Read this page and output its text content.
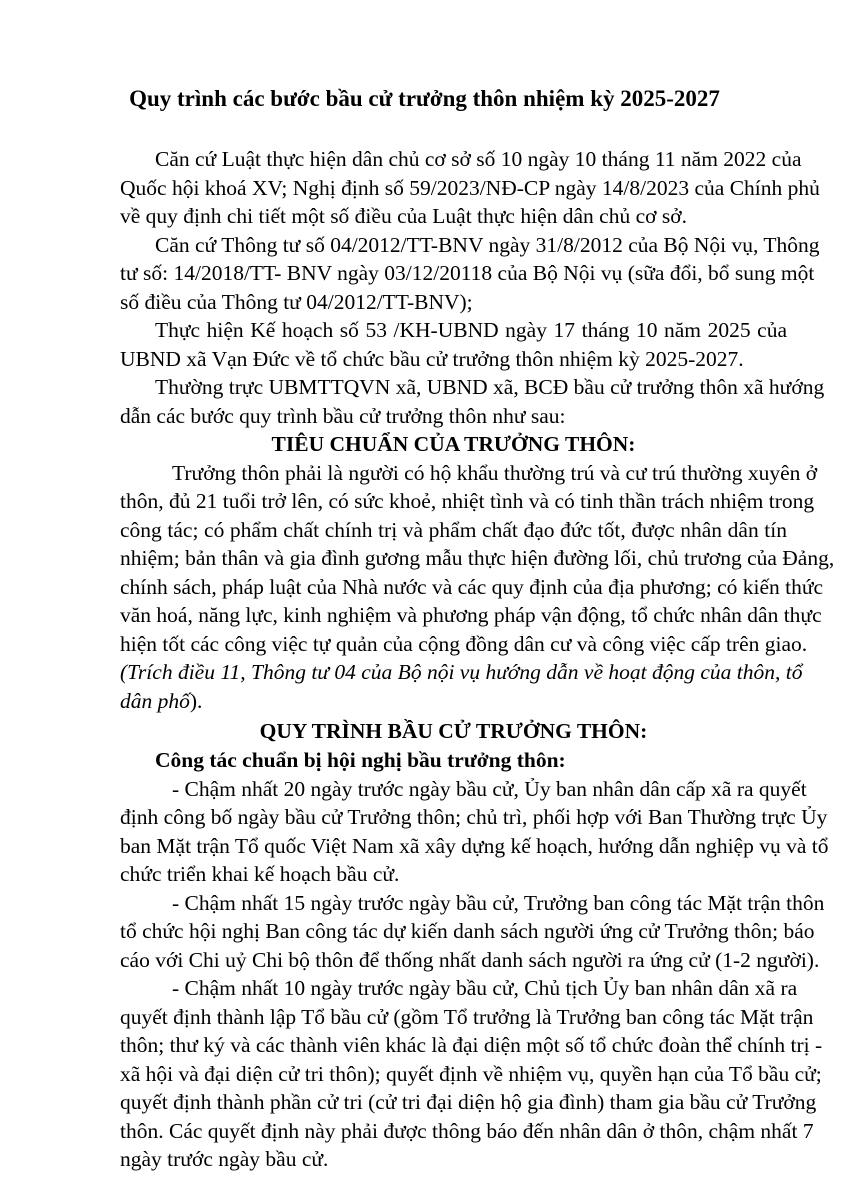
Quy trình các bước bầu cử trưởng thôn nhiệm kỳ 2025-2027
Căn cứ Luật thực hiện dân chủ cơ sở số 10 ngày 10 tháng 11 năm 2022 của
Quốc hội khoá XV; Nghị định số 59/2023/NĐ-CP ngày 14/8/2023 của Chính phủ
về quy định chi tiết một số điều của Luật thực hiện dân chủ cơ sở.
Căn cứ Thông tư số 04/2012/TT-BNV ngày 31/8/2012 của Bộ Nội vụ, Thông
tư số: 14/2018/TT- BNV ngày 03/12/20118 của Bộ Nội vụ (sữa đổi, bổ sung một
số điều của Thông tư 04/2012/TT-BNV);
Thực hiện Kế hoạch số 53 /KH-UBND ngày 17 tháng 10 năm 2025 của
UBND xã Vạn Đức về tổ chức bầu cử trưởng thôn nhiệm kỳ 2025-2027.
Thường trực UBMTTQVN xã, UBND xã, BCĐ bầu cử trưởng thôn xã hướng
dẫn các bước quy trình bầu cử trưởng thôn như sau:
TIÊU CHUẨN CỦA TRƯỞNG THÔN:
Trưởng thôn phải là người có hộ khẩu thường trú và cư trú thường xuyên ở
thôn, đủ 21 tuổi trở lên, có sức khoẻ, nhiệt tình và có tinh thần trách nhiệm trong
công tác; có phẩm chất chính trị và phẩm chất đạo đức tốt, được nhân dân tín
nhiệm; bản thân và gia đình gương mẫu thực hiện đường lối, chủ trương của Đảng,
chính sách, pháp luật của Nhà nước và các quy định của địa phương; có kiến thức
văn hoá, năng lực, kinh nghiệm và phương pháp vận động, tổ chức nhân dân thực
hiện tốt các công việc tự quản của cộng đồng dân cư và công việc cấp trên giao.
(Trích điều 11, Thông tư 04 của Bộ nội vụ hướng dẫn về hoạt động của thôn, tổ
dân phố).
QUY TRÌNH BẦU CỬ TRƯỞNG THÔN:
Công tác chuẩn bị hội nghị bầu trưởng thôn:
- Chậm nhất 20 ngày trước ngày bầu cử, Ủy ban nhân dân cấp xã ra quyết
định công bố ngày bầu cử Trưởng thôn; chủ trì, phối hợp với Ban Thường trực Ủy
ban Mặt trận Tổ quốc Việt Nam xã xây dựng kế hoạch, hướng dẫn nghiệp vụ và tổ
chức triển khai kế hoạch bầu cử.
- Chậm nhất 15 ngày trước ngày bầu cử, Trưởng ban công tác Mặt trận thôn
tổ chức hội nghị Ban công tác dự kiến danh sách người ứng cử Trưởng thôn; báo
cáo với Chi uỷ Chi bộ thôn để thống nhất danh sách người ra ứng cử (1-2 người).
- Chậm nhất 10 ngày trước ngày bầu cử, Chủ tịch Ủy ban nhân dân xã ra
quyết định thành lập Tổ bầu cử (gồm Tổ trưởng là Trưởng ban công tác Mặt trận
thôn; thư ký và các thành viên khác là đại diện một số tổ chức đoàn thể chính trị -
xã hội và đại diện cử tri thôn); quyết định về nhiệm vụ, quyền hạn của Tổ bầu cử;
quyết định thành phần cử tri (cử tri đại diện hộ gia đình) tham gia bầu cử Trưởng
thôn. Các quyết định này phải được thông báo đến nhân dân ở thôn, chậm nhất 7
ngày trước ngày bầu cử.
